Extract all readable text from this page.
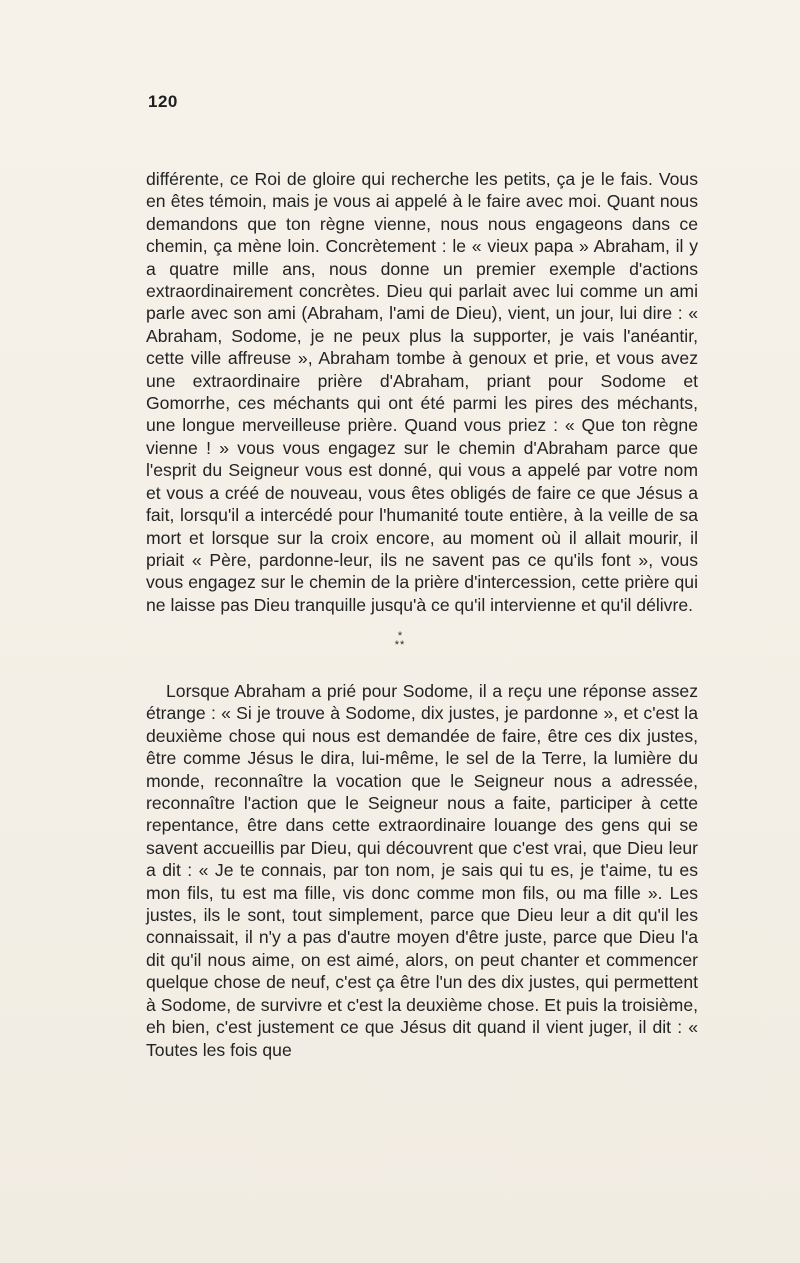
120

différente, ce Roi de gloire qui recherche les petits, ça je le fais. Vous en êtes témoin, mais je vous ai appelé à le faire avec moi. Quant nous demandons que ton règne vienne, nous nous engageons dans ce chemin, ça mène loin. Concrètement : le « vieux papa » Abraham, il y a quatre mille ans, nous donne un premier exemple d'actions extraordinairement concrètes. Dieu qui parlait avec lui comme un ami parle avec son ami (Abraham, l'ami de Dieu), vient, un jour, lui dire : « Abraham, Sodome, je ne peux plus la supporter, je vais l'anéantir, cette ville affreuse », Abraham tombe à genoux et prie, et vous avez une extraordinaire prière d'Abraham, priant pour Sodome et Gomorrhe, ces méchants qui ont été parmi les pires des méchants, une longue merveilleuse prière. Quand vous priez : « Que ton règne vienne ! » vous vous engagez sur le chemin d'Abraham parce que l'esprit du Seigneur vous est donné, qui vous a appelé par votre nom et vous a créé de nouveau, vous êtes obligés de faire ce que Jésus a fait, lorsqu'il a intercédé pour l'humanité toute entière, à la veille de sa mort et lorsque sur la croix encore, au moment où il allait mourir, il priait « Père, pardonne-leur, ils ne savent pas ce qu'ils font », vous vous engagez sur le chemin de la prière d'intercession, cette prière qui ne laisse pas Dieu tranquille jusqu'à ce qu'il intervienne et qu'il délivre.

*
**

Lorsque Abraham a prié pour Sodome, il a reçu une réponse assez étrange : « Si je trouve à Sodome, dix justes, je pardonne », et c'est la deuxième chose qui nous est demandée de faire, être ces dix justes, être comme Jésus le dira, lui-même, le sel de la Terre, la lumière du monde, reconnaître la vocation que le Seigneur nous a adressée, reconnaître l'action que le Seigneur nous a faite, participer à cette repentance, être dans cette extraordinaire louange des gens qui se savent accueillis par Dieu, qui découvrent que c'est vrai, que Dieu leur a dit : « Je te connais, par ton nom, je sais qui tu es, je t'aime, tu es mon fils, tu est ma fille, vis donc comme mon fils, ou ma fille ». Les justes, ils le sont, tout simplement, parce que Dieu leur a dit qu'il les connaissait, il n'y a pas d'autre moyen d'être juste, parce que Dieu l'a dit qu'il nous aime, on est aimé, alors, on peut chanter et commencer quelque chose de neuf, c'est ça être l'un des dix justes, qui permettent à Sodome, de survivre et c'est la deuxième chose. Et puis la troisième, eh bien, c'est justement ce que Jésus dit quand il vient juger, il dit : « Toutes les fois que
